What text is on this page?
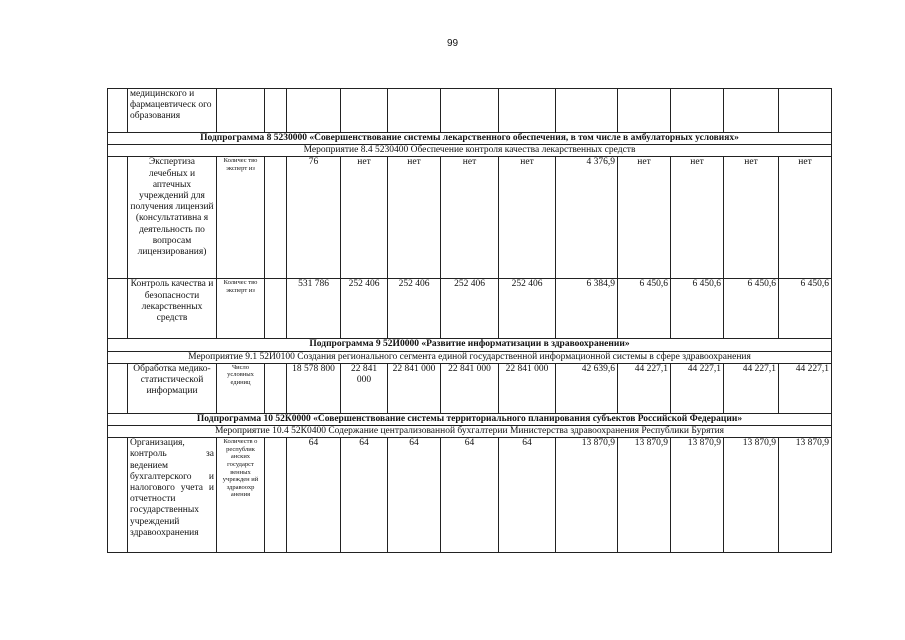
99
	медицинского и фармацевтическ ого образования												
Подпрограмма 8 5230000 «Совершенствование системы лекарственного обеспечения, в том числе в амбулаторных условиях»													
Мероприятие 8.4 5230400 Обеспечение контроля качества лекарственных средств													
	Экспертиза лечебных и аптечных учреждений для получения лицензий (консультативна я деятельность по вопросам лицензирования)	Количес тво эксперт из		76	нет	нет	нет	нет	4 376,9	нет	нет	нет	нет
	Контроль качества и безопасности лекарственных средств	Количес тво эксперт из		531 786	252 406	252 406	252 406	252 406	6 384,9	6 450,6	6 450,6	6 450,6	6 450,6
Подпрограмма 9 52И0000 «Развитие информатизации в здравоохранении»													
Мероприятие 9.1 52И0100 Создания регионального сегмента единой государственной информационной системы в сфере здравоохранения													
	Обработка медико-статистической информации	Число условных единиц		18 578 800	22 841 000	22 841 000	22 841 000	22 841 000	42 639,6	44 227,1	44 227,1	44 227,1	44 227,1
Подпрограмма 10 52К0000 «Совершенствование системы территориального планирования субъектов Российской Федерации»													
Мероприятие 10.4 52К0400 Содержание централизованной бухгалтерии Министерства здравоохранения Республики Бурятия													
	Организация, контроль за ведением бухгалтерского и налогового учета и отчетности государственных учреждений здравоохранения	Количеств о республик анских государст венных учрежден ий здравоохр анения		64	64	64	64	64	13 870,9	13 870,9	13 870,9	13 870,9	13 870,9
